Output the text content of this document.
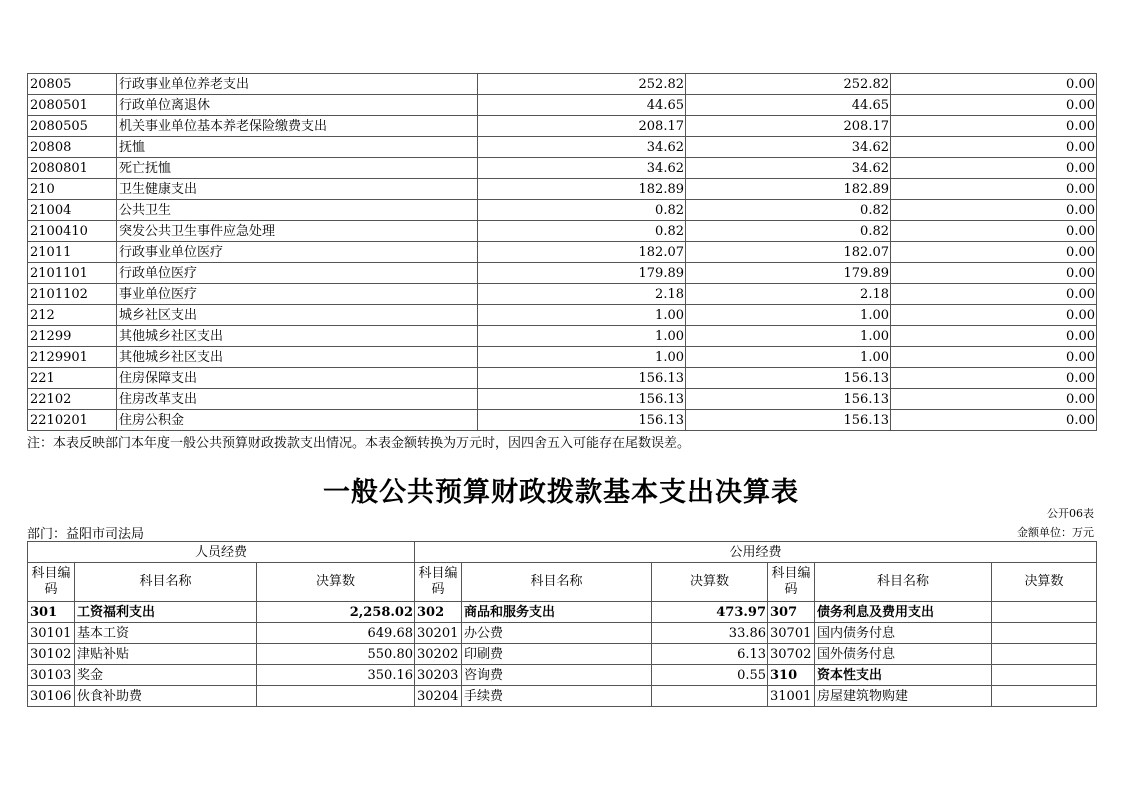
20805	行政事业单位养老支出	252.82	252.82	0.00
2080501	行政单位离退休	44.65	44.65	0.00
2080505	机关事业单位基本养老保险缴费支出	208.17	208.17	0.00
20808	抚恤	34.62	34.62	0.00
2080801	死亡抚恤	34.62	34.62	0.00
210	卫生健康支出	182.89	182.89	0.00
21004	公共卫生	0.82	0.82	0.00
2100410	突发公共卫生事件应急处理	0.82	0.82	0.00
21011	行政事业单位医疗	182.07	182.07	0.00
2101101	行政单位医疗	179.89	179.89	0.00
2101102	事业单位医疗	2.18	2.18	0.00
212	城乡社区支出	1.00	1.00	0.00
21299	其他城乡社区支出	1.00	1.00	0.00
2129901	其他城乡社区支出	1.00	1.00	0.00
221	住房保障支出	156.13	156.13	0.00
22102	住房改革支出	156.13	156.13	0.00
2210201	住房公积金	156.13	156.13	0.00
注：本表反映部门本年度一般公共预算财政拨款支出情况。本表金额转换为万元时，因四舍五入可能存在尾数误差。
一般公共预算财政拨款基本支出决算表
公开06表
部门：益阳市司法局	金额单位：万元
人员经费			公用经费					
科目编码	科目名称	决算数	科目编码	科目名称	决算数	科目编码	科目名称	决算数
301	工资福利支出	2,258.02	302	商品和服务支出	473.97	307	债务利息及费用支出	
30101	基本工资	649.68	30201	办公费	33.86	30701	国内债务付息	
30102	津贴补贴	550.80	30202	印刷费	6.13	30702	国外债务付息	
30103	奖金	350.16	30203	咨询费	0.55	310	资本性支出	
30106	伙食补助费		30204	手续费		31001	房屋建筑物购建	
